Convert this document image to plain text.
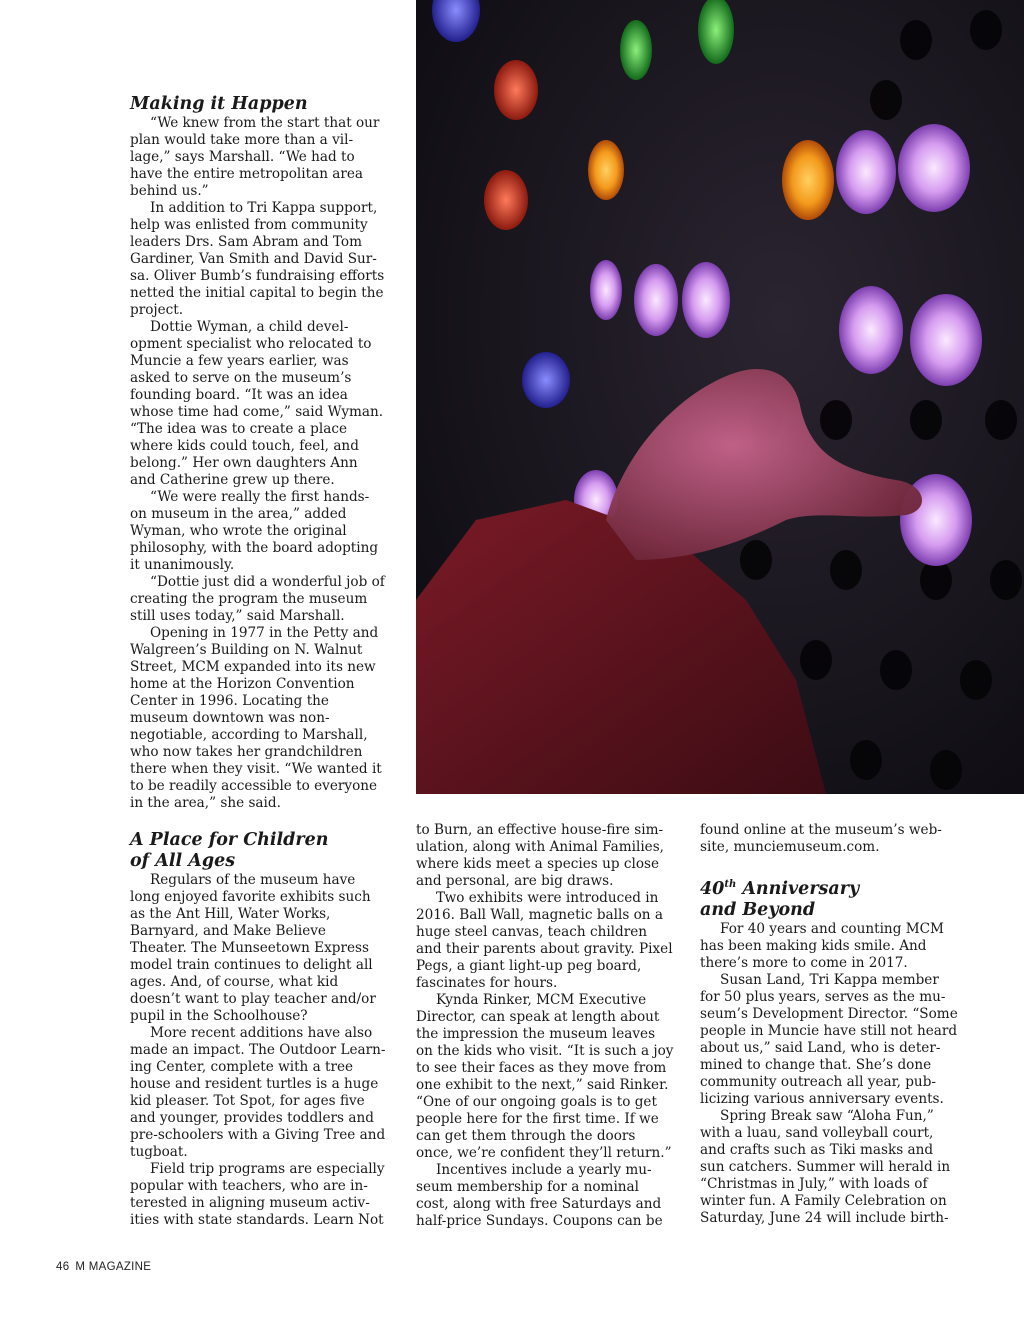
Making it Happen

“We knew from the start that our plan would take more than a village,” says Marshall. “We had to have the entire metropolitan area behind us.”

In addition to Tri Kappa support, help was enlisted from community leaders Drs. Sam Abram and Tom Gardiner, Van Smith and David Sursa. Oliver Bumb’s fundraising efforts netted the initial capital to begin the project.

Dottie Wyman, a child development specialist who relocated to Muncie a few years earlier, was asked to serve on the museum’s founding board. “It was an idea whose time had come,” said Wyman. “The idea was to create a place where kids could touch, feel, and belong.” Her own daughters Ann and Catherine grew up there.

“We were really the first hands-on museum in the area,” added Wyman, who wrote the original philosophy, with the board adopting it unanimously.

“Dottie just did a wonderful job of creating the program the museum still uses today,” said Marshall.

Opening in 1977 in the Petty and Walgreen’s Building on N. Walnut Street, MCM expanded into its new home at the Horizon Convention Center in 1996. Locating the museum downtown was non-negotiable, according to Marshall, who now takes her grandchildren there when they visit. “We wanted it to be readily accessible to everyone in the area,” she said.

A Place for Children
of All Ages

Regulars of the museum have long enjoyed favorite exhibits such as the Ant Hill, Water Works, Barnyard, and Make Believe Theater. The Munseetown Express model train continues to delight all ages. And, of course, what kid doesn’t want to play teacher and/or pupil in the Schoolhouse?

More recent additions have also made an impact. The Outdoor Learning Center, complete with a tree house and resident turtles is a huge kid pleaser. Tot Spot, for ages five and younger, provides toddlers and pre-schoolers with a Giving Tree and tugboat.

Field trip programs are especially popular with teachers, who are interested in aligning museum activities with state standards. Learn Not

to Burn, an effective house-fire simulation, along with Animal Families, where kids meet a species up close and personal, are big draws.

Two exhibits were introduced in 2016. Ball Wall, magnetic balls on a huge steel canvas, teach children and their parents about gravity. Pixel Pegs, a giant light-up peg board, fascinates for hours.

Kynda Rinker, MCM Executive Director, can speak at length about the impression the museum leaves on the kids who visit. “It is such a joy to see their faces as they move from one exhibit to the next,” said Rinker. “One of our ongoing goals is to get people here for the first time. If we can get them through the doors once, we’re confident they’ll return.”

Incentives include a yearly museum membership for a nominal cost, along with free Saturdays and half-price Sundays. Coupons can be

found online at the museum’s website, munciemuseum.com.

40th Anniversary
and Beyond

For 40 years and counting MCM has been making kids smile. And there’s more to come in 2017.

Susan Land, Tri Kappa member for 50 plus years, serves as the museum’s Development Director. “Some people in Muncie have still not heard about us,” said Land, who is determined to change that. She’s done community outreach all year, publicizing various anniversary events.

Spring Break saw “Aloha Fun,” with a luau, sand volleyball court, and crafts such as Tiki masks and sun catchers. Summer will herald in “Christmas in July,” with loads of winter fun. A Family Celebration on Saturday, June 24 will include birth-

46 M MAGAZINE
